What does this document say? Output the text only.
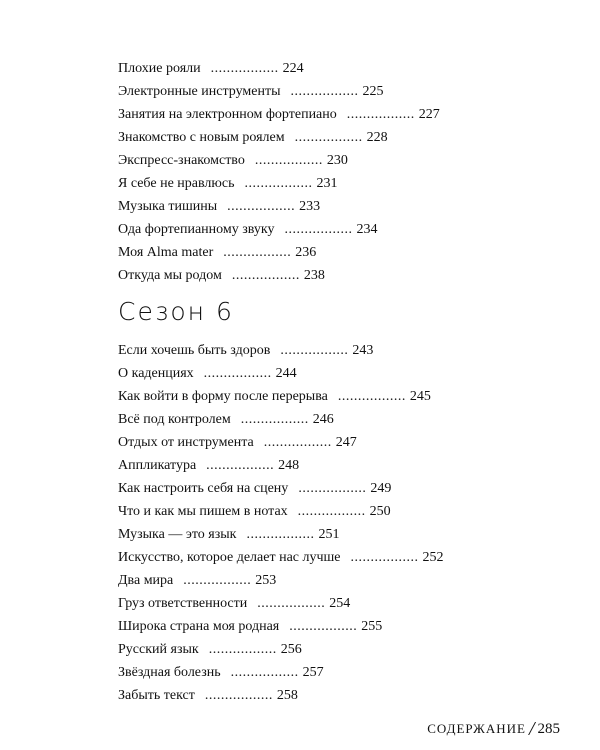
Плохие рояли ................. 224
Электронные инструменты ................. 225
Занятия на электронном фортепиано ................. 227
Знакомство с новым роялем ................. 228
Экспресс-знакомство ................. 230
Я себе не нравлюсь ................. 231
Музыка тишины ................. 233
Ода фортепианному звуку ................. 234
Моя Alma mater ................. 236
Откуда мы родом ................. 238
Сезон 6
Если хочешь быть здоров ................. 243
О каденциях ................. 244
Как войти в форму после перерыва ................. 245
Всё под контролем ................. 246
Отдых от инструмента ................. 247
Аппликатура ................. 248
Как настроить себя на сцену ................. 249
Что и как мы пишем в нотах ................. 250
Музыка — это язык ................. 251
Искусство, которое делает нас лучше ................. 252
Два мира ................. 253
Груз ответственности ................. 254
Широка страна моя родная ................. 255
Русский язык ................. 256
Звёздная болезнь ................. 257
Забыть текст ................. 258
СОДЕРЖАНИЕ / 285
